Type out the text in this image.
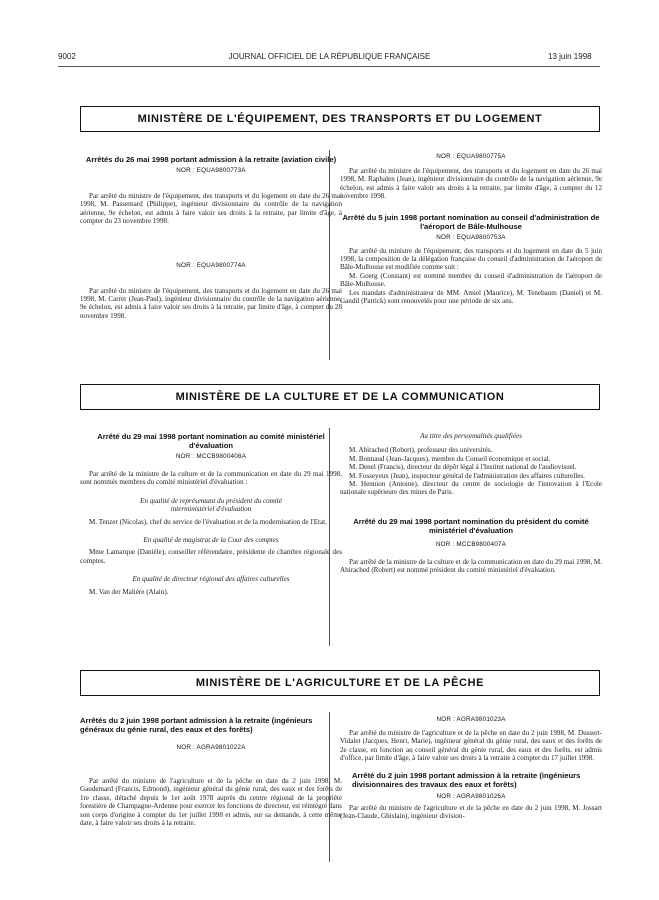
9002	JOURNAL OFFICIEL DE LA RÉPUBLIQUE FRANÇAISE	13 juin 1998
MINISTÈRE DE L'ÉQUIPEMENT, DES TRANSPORTS ET DU LOGEMENT
Arrêtés du 26 mai 1998 portant admission à la retraite (aviation civile)
NOR : EQUA9800773A

Par arrêté du ministre de l'équipement, des transports et du logement en date du 26 mai 1998, M. Passemard (Philippe), ingénieur divisionnaire du contrôle de la navigation aérienne, 9e échelon, est admis à faire valoir ses droits à la retraite, par limite d'âge, à compter du 23 novembre 1998.

NOR : EQUA9800774A

Par arrêté du ministre de l'équipement, des transports et du logement en date du 26 mai 1998, M. Carrer (Jean-Paul), ingénieur divisionnaire du contrôle de la navigation aérienne, 9e échelon, est admis à faire valoir ses droits à la retraite, par limite d'âge, à compter du 28 novembre 1998.

NOR : EQUA9800775A

Par arrêté du ministre de l'équipement, des transports et du logement en date du 26 mai 1998, M. Raphalen (Jean), ingénieur divisionnaire du contrôle de la navigation aérienne, 9e échelon, est admis à faire valoir ses droits à la retraite, par limite d'âge, à compter du 12 novembre 1998.

Arrêté du 5 juin 1998 portant nomination au conseil d'administration de l'aéroport de Bâle-Mulhouse
NOR : EQUA9800753A

Par arrêté du ministre de l'équipement, des transports et du logement en date du 5 juin 1998, la composition de la délégation française du conseil d'administration de l'aéroport de Bâle-Mulhouse est modifiée comme suit :

M. Goerg (Constant) est nommé membre du conseil d'administration de l'aéroport de Bâle-Mulhouse.

Les mandats d'administrateur de MM. Amiel (Maurice), M. Tenebaum (Daniel) et M. Gandil (Patrick) sont renouvelés pour une période de six ans.

MINISTÈRE DE LA CULTURE ET DE LA COMMUNICATION
Arrêté du 29 mai 1998 portant nomination au comité ministériel d'évaluation
NOR : MCCB9800408A

Par arrêté de la ministre de la culture et de la communication en date du 29 mai 1998, sont nommés membres du comité ministériel d'évaluation :

En qualité de représentant du président du comité interministériel d'évaluation

M. Tenzer (Nicolas), chef du service de l'évaluation et de la modernisation de l'Etat.

En qualité de magistrat de la Cour des comptes

Mme Lamarque (Danièle), conseiller référendaire, présidente de chambre régionale des comptes.

En qualité de directeur régional des affaires culturelles

M. Van der Malière (Alain).

Au titre des personnalités qualifiées

M. Abirached (Robert), professeur des universités.

M. Bonnaud (Jean-Jacques), membre du Conseil économique et social.

M. Denel (Francis), directeur du dépôt légal à l'Institut national de l'audiovisuel.

M. Fosseyeux (Jean), inspecteur général de l'administration des affaires culturelles.

M. Hennion (Antoine), directeur du centre de sociologie de l'innovation à l'Ecole nationale supérieure des mines de Paris.

Arrêté du 29 mai 1998 portant nomination du président du comité ministériel d'évaluation
NOR : MCCB9800407A

Par arrêté de la ministre de la culture et de la communication en date du 29 mai 1998, M. Abirached (Robert) est nommé président du comité ministériel d'évaluation.

MINISTÈRE DE L'AGRICULTURE ET DE LA PÊCHE
Arrêtés du 2 juin 1998 portant admission à la retraite (ingénieurs généraux du génie rural, des eaux et des forêts)
NOR : AGRA9801022A

Par arrêté du ministre de l'agriculture et de la pêche en date du 2 juin 1998, M. Gaudemard (Francis, Edmond), ingénieur général du génie rural, des eaux et des forêts de 1re classe, détaché depuis le 1er août 1978 auprès du centre régional de la propriété forestière de Champagne-Ardenne pour exercer les fonctions de directeur, est réintégré dans son corps d'origine à compter du 1er juillet 1998 et admis, sur sa demande, à cette même date, à faire valoir ses droits à la retraite.

NOR : AGRA9801023A

Par arrêté du ministre de l'agriculture et de la pêche en date du 2 juin 1998, M. Dussert-Vidalet (Jacques, Henri, Marie), ingénieur général du génie rural, des eaux et des forêts de 2e classe, en fonction au conseil général du génie rural, des eaux et des forêts, est admis d'office, par limite d'âge, à faire valoir ses droits à la retraite à compter du 17 juillet 1998.

Arrêté du 2 juin 1998 portant admission à la retraite (ingénieurs divisionnaires des travaux des eaux et forêts)
NOR : AGRA9801026A

Par arrêté du ministre de l'agriculture et de la pêche en date du 2 juin 1998, M. Jossart (Jean-Claude, Ghislain), ingénieur division-
